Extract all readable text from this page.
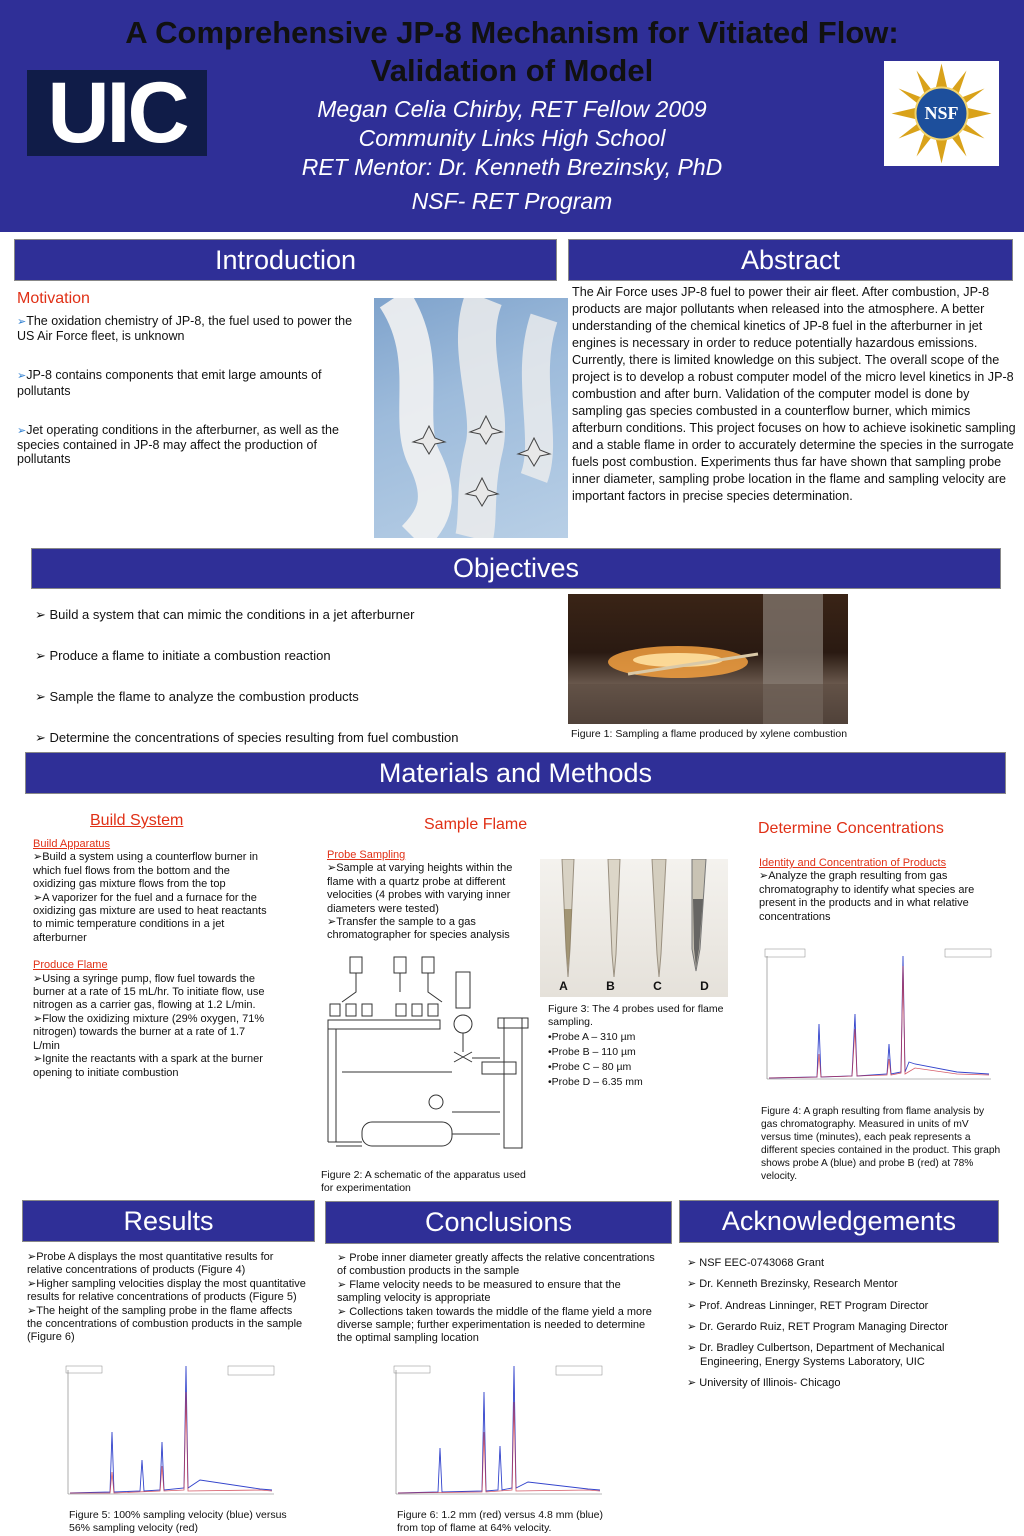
A Comprehensive JP-8 Mechanism for Vitiated Flow:
Validation of Model
Megan Celia Chirby, RET Fellow 2009
Community Links High School
RET Mentor: Dr. Kenneth Brezinsky, PhD
NSF- RET Program
UIC	NSF
Introduction
Motivation
➢ The oxidation chemistry of JP-8, the fuel used to power the US Air Force fleet, is unknown
➢ JP-8 contains components that emit large amounts of pollutants
➢ Jet operating conditions in the afterburner, as well as the species contained in JP-8 may affect the production of pollutants
Abstract
The Air Force uses JP-8 fuel to power their air fleet. After combustion, JP-8 products are major pollutants when released into the atmosphere. A better understanding of the chemical kinetics of JP-8 fuel in the afterburner in jet engines is necessary in order to reduce potentially hazardous emissions. Currently, there is limited knowledge on this subject. The overall scope of the project is to develop a robust computer model of the micro level kinetics in JP-8 combustion and after burn. Validation of the computer model is done by sampling gas species combusted in a counterflow burner, which mimics afterburn conditions. This project focuses on how to achieve isokinetic sampling and a stable flame in order to accurately determine the species in the surrogate fuels post combustion. Experiments thus far have shown that sampling probe inner diameter, sampling probe location in the flame and sampling velocity are important factors in precise species determination.
Objectives
➢ Build a system that can mimic the conditions in a jet afterburner
➢ Produce a flame to initiate a combustion reaction
➢ Sample the flame to analyze the combustion products
➢ Determine the concentrations of species resulting from fuel combustion	Figure 1: Sampling a flame produced by xylene combustion
Materials and Methods
Build System
Build Apparatus
➢Build a system using a counterflow burner in which fuel flows from the bottom and the oxidizing gas mixture flows from the top
➢A vaporizer for the fuel and a furnace for the oxidizing gas mixture are used to heat reactants to mimic temperature conditions in a jet afterburner
Produce Flame
➢Using a syringe pump, flow fuel towards the burner at a rate of 15 mL/hr. To initiate flow, use nitrogen as a carrier gas, flowing at 1.2 L/min.
➢Flow the oxidizing mixture (29% oxygen, 71% nitrogen) towards the burner at a rate of 1.7 L/min
➢Ignite the reactants with a spark at the burner opening to initiate combustion
Sample Flame
Probe Sampling
➢Sample at varying heights within the flame with a quartz probe at different velocities (4 probes with varying inner diameters were tested)
➢Transfer the sample to a gas chromatographer for species analysis
A	B	C	D
Figure 3: The 4 probes used for flame sampling.
•Probe A – 310 µm
•Probe B – 110 µm
•Probe C – 80 µm
•Probe D – 6.35 mm
Figure 2: A schematic of the apparatus used for experimentation
Determine Concentrations
Identity and Concentration of Products
➢Analyze the graph resulting from gas chromatography to identify what species are present in the products and in what relative concentrations
Figure 4: A graph resulting from flame analysis by gas chromatography. Measured in units of mV versus time (minutes), each peak represents a different species contained in the product. This graph shows probe A (blue) and probe B (red) at 78% velocity.
Results
➢Probe A displays the most quantitative results for relative concentrations of products (Figure 4)
➢Higher sampling velocities display the most quantitative results for relative concentrations of products (Figure 5)
➢The height of the sampling probe in the flame affects the concentrations of combustion products in the sample (Figure 6)
Figure 5: 100% sampling velocity (blue) versus 56% sampling velocity (red)
Conclusions
➢ Probe inner diameter greatly affects the relative concentrations of combustion products in the sample
➢ Flame velocity needs to be measured to ensure that the sampling velocity is appropriate
➢ Collections taken towards the middle of the flame yield a more diverse sample; further experimentation is needed to determine the optimal sampling location
Figure 6: 1.2 mm (red) versus 4.8 mm (blue) from top of flame at 64% velocity.
Acknowledgements
➢ NSF EEC-0743068 Grant
➢ Dr. Kenneth Brezinsky, Research Mentor
➢ Prof. Andreas Linninger, RET Program Director
➢ Dr. Gerardo Ruiz, RET Program Managing Director
➢ Dr. Bradley Culbertson, Department of Mechanical Engineering, Energy Systems Laboratory, UIC
➢ University of Illinois- Chicago
